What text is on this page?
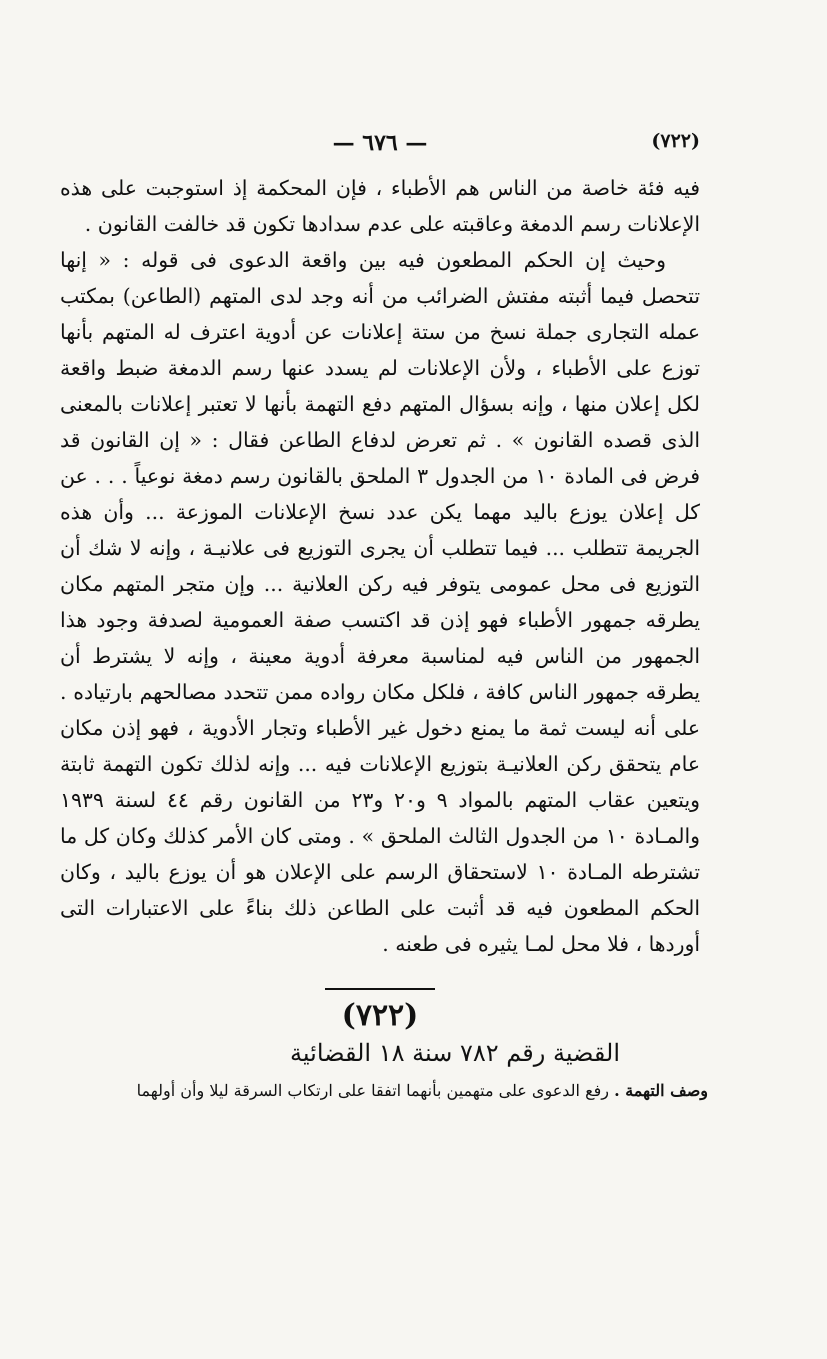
— ٦٧٦ —	(٧٢٢)

فيه فئة خاصة من الناس هم الأطباء ، فإن المحكمة إذ استوجبت على هذه الإعلانات رسم الدمغة وعاقبته على عدم سدادها تكون قد خالفت القانون .

وحيث إن الحكم المطعون فيه بين واقعة الدعوى فى قوله : « إنها تتحصل فيما أثبته مفتش الضرائب من أنه وجد لدى المتهم (الطاعن) بمكتب عمله التجارى جملة نسخ من ستة إعلانات عن أدوية اعترف له المتهم بأنها توزع على الأطباء ، ولأن الإعلانات لم يسدد عنها رسم الدمغة ضبط واقعة لكل إعلان منها ، وإنه بسؤال المتهم دفع التهمة بأنها لا تعتبر إعلانات بالمعنى الذى قصده القانون » . ثم تعرض لدفاع الطاعن فقال : « إن القانون قد فرض فى المادة ١٠ من الجدول ٣ الملحق بالقانون رسم دمغة نوعياً . . . عن كل إعلان يوزع باليد مهما يكن عدد نسخ الإعلانات الموزعة ... وأن هذه الجريمة تتطلب ... فيما تتطلب أن يجرى التوزيع فى علانيـة ، وإنه لا شك أن التوزيع فى محل عمومى يتوفر فيه ركن العلانية ... وإن متجر المتهم مكان يطرقه جمهور الأطباء فهو إذن قد اكتسب صفة العمومية لصدفة وجود هذا الجمهور من الناس فيه لمناسبة معرفة أدوية معينة ، وإنه لا يشترط أن يطرقه جمهور الناس كافة ، فلكل مكان رواده ممن تتحدد مصالحهم بارتياده . على أنه ليست ثمة ما يمنع دخول غير الأطباء وتجار الأدوية ، فهو إذن مكان عام يتحقق ركن العلانيـة بتوزيع الإعلانات فيه ... وإنه لذلك تكون التهمة ثابتة ويتعين عقاب المتهم بالمواد ٩ و٢٠ و٢٣ من القانون رقم ٤٤ لسنة ١٩٣٩ والمـادة ١٠ من الجدول الثالث الملحق » . ومتى كان الأمر كذلك وكان كل ما تشترطه المـادة ١٠ لاستحقاق الرسم على الإعلان هو أن يوزع باليد ، وكان الحكم المطعون فيه قد أثبت على الطاعن ذلك بناءً على الاعتبارات التى أوردها ، فلا محل لمـا يثيره فى طعنه .

(٧٢٢)
القضية رقم ٧٨٢ سنة ١٨ القضائية
وصف التهمة . رفع الدعوى على متهمين بأنهما اتفقا على ارتكاب السرقة ليلا وأن أولهما
